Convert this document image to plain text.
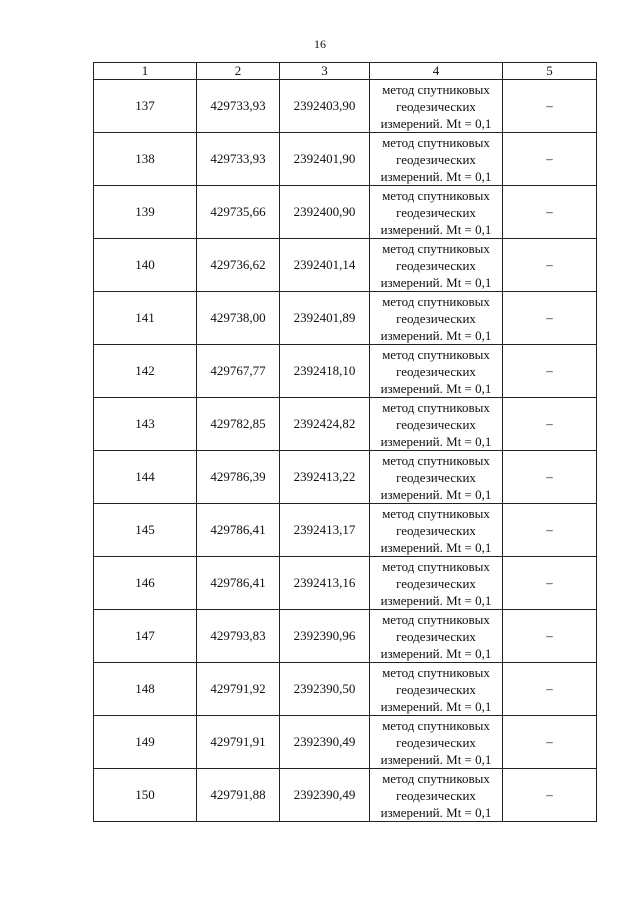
16
1	2	3	4	5
137	429733,93	2392403,90	метод спутниковых
геодезических
измерений. Mt = 0,1	–
138	429733,93	2392401,90	метод спутниковых
геодезических
измерений. Mt = 0,1	–
139	429735,66	2392400,90	метод спутниковых
геодезических
измерений. Mt = 0,1	–
140	429736,62	2392401,14	метод спутниковых
геодезических
измерений. Mt = 0,1	–
141	429738,00	2392401,89	метод спутниковых
геодезических
измерений. Mt = 0,1	–
142	429767,77	2392418,10	метод спутниковых
геодезических
измерений. Mt = 0,1	–
143	429782,85	2392424,82	метод спутниковых
геодезических
измерений. Mt = 0,1	–
144	429786,39	2392413,22	метод спутниковых
геодезических
измерений. Mt = 0,1	–
145	429786,41	2392413,17	метод спутниковых
геодезических
измерений. Mt = 0,1	–
146	429786,41	2392413,16	метод спутниковых
геодезических
измерений. Mt = 0,1	–
147	429793,83	2392390,96	метод спутниковых
геодезических
измерений. Mt = 0,1	–
148	429791,92	2392390,50	метод спутниковых
геодезических
измерений. Mt = 0,1	–
149	429791,91	2392390,49	метод спутниковых
геодезических
измерений. Mt = 0,1	–
150	429791,88	2392390,49	метод спутниковых
геодезических
измерений. Mt = 0,1	–
